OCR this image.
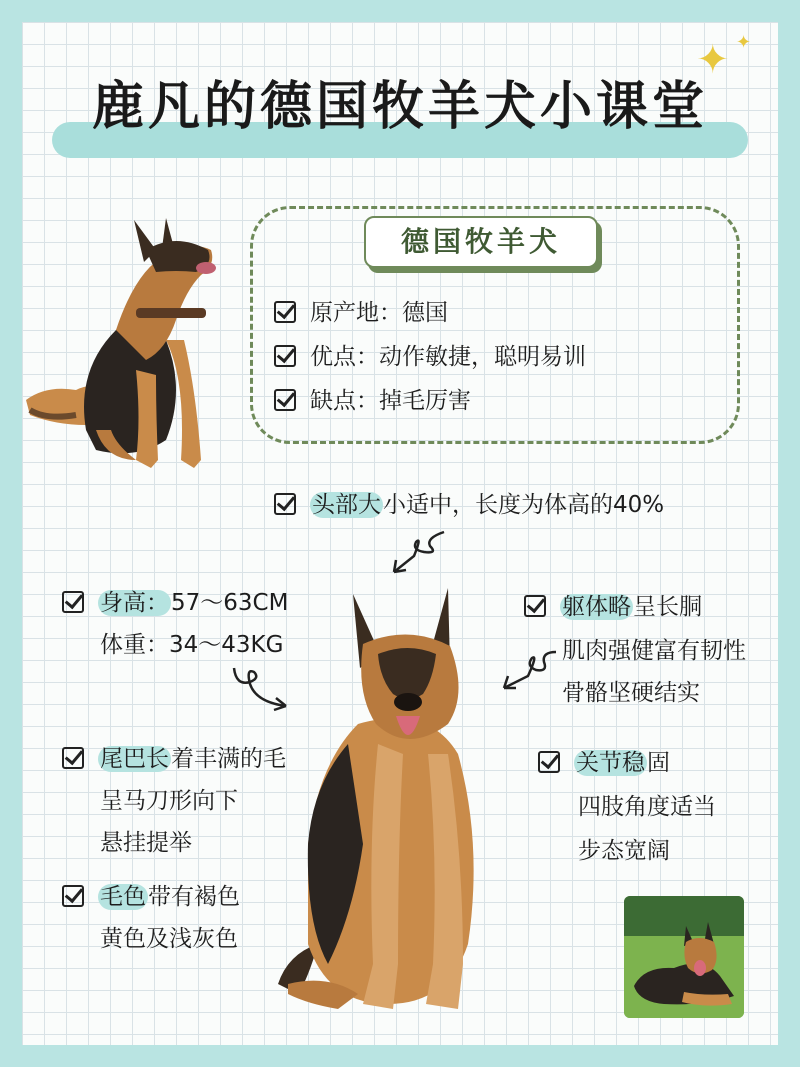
鹿凡的德国牧羊犬小课堂
✦ ✦
德国牧羊犬
原产地：德国
优点：动作敏捷，聪明易训
缺点：掉毛厉害
头部大小适中，长度为体高的40%
身高：57～63CM
体重：34～43KG
尾巴长着丰满的毛
呈马刀形向下
悬挂提举
毛色带有褐色
黄色及浅灰色
躯体略呈长胴
肌肉强健富有韧性
骨骼坚硬结实
关节稳固
四肢角度适当
步态宽阔
